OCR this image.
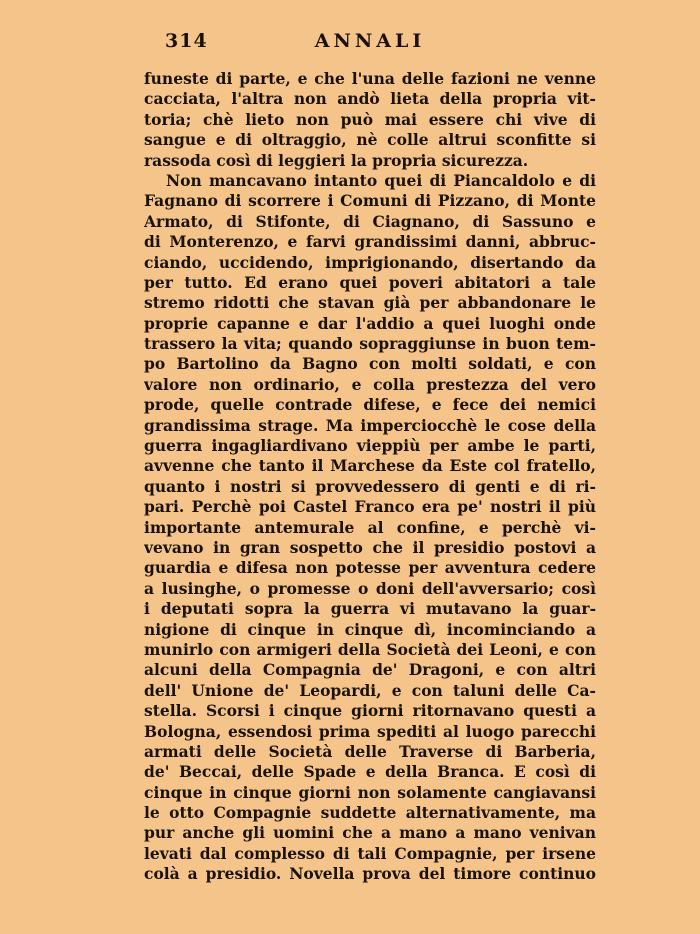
314	ANNALI
funeste di parte, e che l'una delle fazioni ne venne
cacciata, l'altra non andò lieta della propria vit-
toria; chè lieto non può mai essere chi vive di
sangue e di oltraggio, nè colle altrui sconfitte si
rassoda così di leggieri la propria sicurezza.
Non mancavano intanto quei di Piancaldolo e di
Fagnano di scorrere i Comuni di Pizzano, di Monte
Armato, di Stifonte, di Ciagnano, di Sassuno e
di Monterenzo, e farvi grandissimi danni, abbruc-
ciando, uccidendo, imprigionando, disertando da
per tutto. Ed erano quei poveri abitatori a tale
stremo ridotti che stavan già per abbandonare le
proprie capanne e dar l'addio a quei luoghi onde
trassero la vita; quando sopraggiunse in buon tem-
po Bartolino da Bagno con molti soldati, e con
valore non ordinario, e colla prestezza del vero
prode, quelle contrade difese, e fece dei nemici
grandissima strage. Ma imperciocchè le cose della
guerra ingagliardivano vieppiù per ambe le parti,
avvenne che tanto il Marchese da Este col fratello,
quanto i nostri si provvedessero di genti e di ri-
pari. Perchè poi Castel Franco era pe' nostri il più
importante antemurale al confine, e perchè vi-
vevano in gran sospetto che il presidio postovi a
guardia e difesa non potesse per avventura cedere
a lusinghe, o promesse o doni dell'avversario; così
i deputati sopra la guerra vi mutavano la guar-
nigione di cinque in cinque dì, incominciando a
munirlo con armigeri della Società dei Leoni, e con
alcuni della Compagnia de' Dragoni, e con altri
dell' Unione de' Leopardi, e con taluni delle Ca-
stella. Scorsi i cinque giorni ritornavano questi a
Bologna, essendosi prima spediti al luogo parecchi
armati delle Società delle Traverse di Barberia,
de' Beccai, delle Spade e della Branca. E così di
cinque in cinque giorni non solamente cangiavansi
le otto Compagnie suddette alternativamente, ma
pur anche gli uomini che a mano a mano venivan
levati dal complesso di tali Compagnie, per irsene
colà a presidio. Novella prova del timore continuo
